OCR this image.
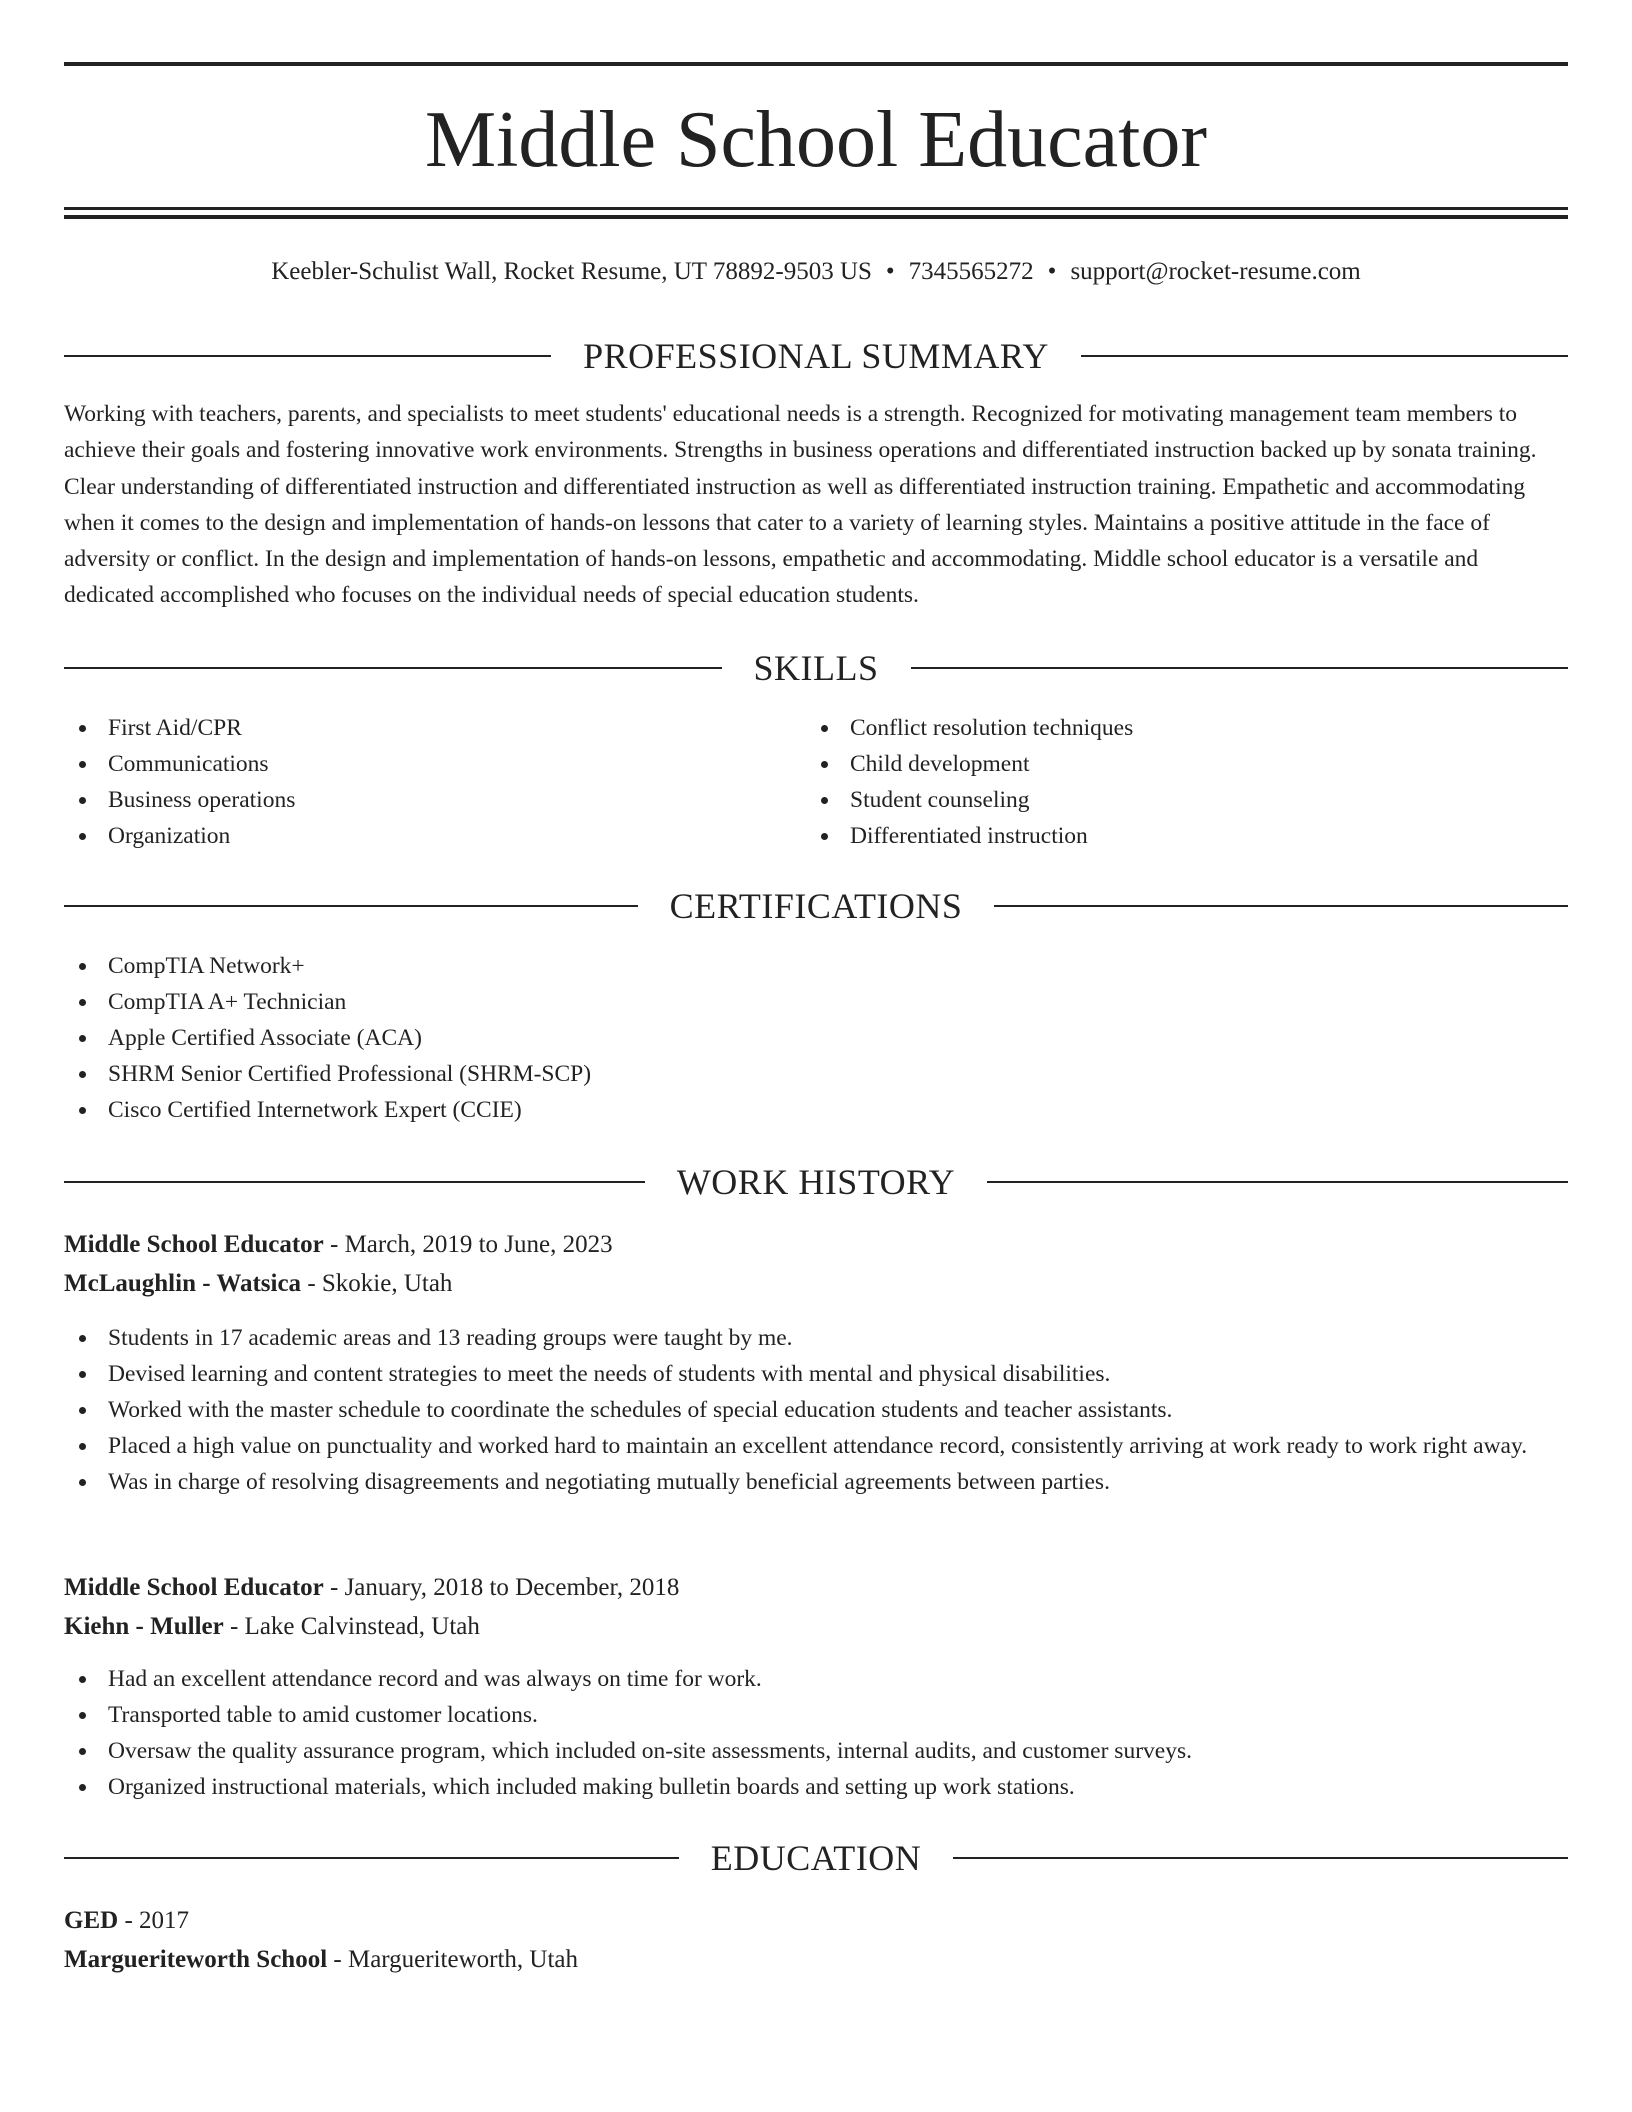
Middle School Educator
Keebler-Schulist Wall, Rocket Resume, UT 78892-9503 US • 7345565272 • support@rocket-resume.com
PROFESSIONAL SUMMARY

Working with teachers, parents, and specialists to meet students' educational needs is a strength. Recognized for motivating management team members to achieve their goals and fostering innovative work environments. Strengths in business operations and differentiated instruction backed up by sonata training. Clear understanding of differentiated instruction and differentiated instruction as well as differentiated instruction training. Empathetic and accommodating when it comes to the design and implementation of hands-on lessons that cater to a variety of learning styles. Maintains a positive attitude in the face of adversity or conflict. In the design and implementation of hands-on lessons, empathetic and accommodating. Middle school educator is a versatile and dedicated accomplished who focuses on the individual needs of special education students.

SKILLS
First Aid/CPR
Communications
Business operations
Organization
Conflict resolution techniques
Child development
Student counseling
Differentiated instruction
CERTIFICATIONS
CompTIA Network+
CompTIA A+ Technician
Apple Certified Associate (ACA)
SHRM Senior Certified Professional (SHRM-SCP)
Cisco Certified Internetwork Expert (CCIE)
WORK HISTORY
Middle School Educator - March, 2019 to June, 2023
McLaughlin - Watsica - Skokie, Utah
Students in 17 academic areas and 13 reading groups were taught by me.
Devised learning and content strategies to meet the needs of students with mental and physical disabilities.
Worked with the master schedule to coordinate the schedules of special education students and teacher assistants.
Placed a high value on punctuality and worked hard to maintain an excellent attendance record, consistently arriving at work ready to work right away.
Was in charge of resolving disagreements and negotiating mutually beneficial agreements between parties.
Middle School Educator - January, 2018 to December, 2018
Kiehn - Muller - Lake Calvinstead, Utah
Had an excellent attendance record and was always on time for work.
Transported table to amid customer locations.
Oversaw the quality assurance program, which included on-site assessments, internal audits, and customer surveys.
Organized instructional materials, which included making bulletin boards and setting up work stations.
EDUCATION
GED - 2017
Margueriteworth School - Margueriteworth, Utah
